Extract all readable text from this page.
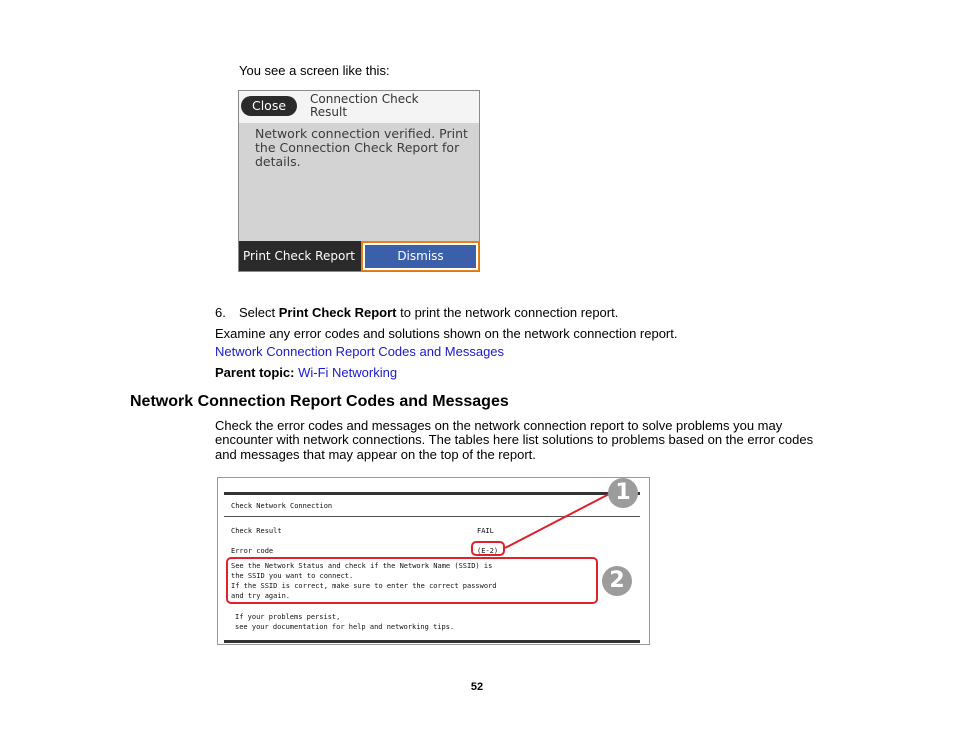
You see a screen like this:
Close	Connection Check Result
Network connection verified. Print the Connection Check Report for details.
Print Check Report	Dismiss
6. Select Print Check Report to print the network connection report.
Examine any error codes and solutions shown on the network connection report.
Network Connection Report Codes and Messages
Parent topic: Wi-Fi Networking
Network Connection Report Codes and Messages
Check the error codes and messages on the network connection report to solve problems you may
encounter with network connections. The tables here list solutions to problems based on the error codes
and messages that may appear on the top of the report.
Check Network Connection
Check Result	FAIL
Error code	(E-2)
See the Network Status and check if the Network Name (SSID) is
the SSID you want to connect.
If the SSID is correct, make sure to enter the correct password
and try again.
If your problems persist,
see your documentation for help and networking tips.
1
2
52
